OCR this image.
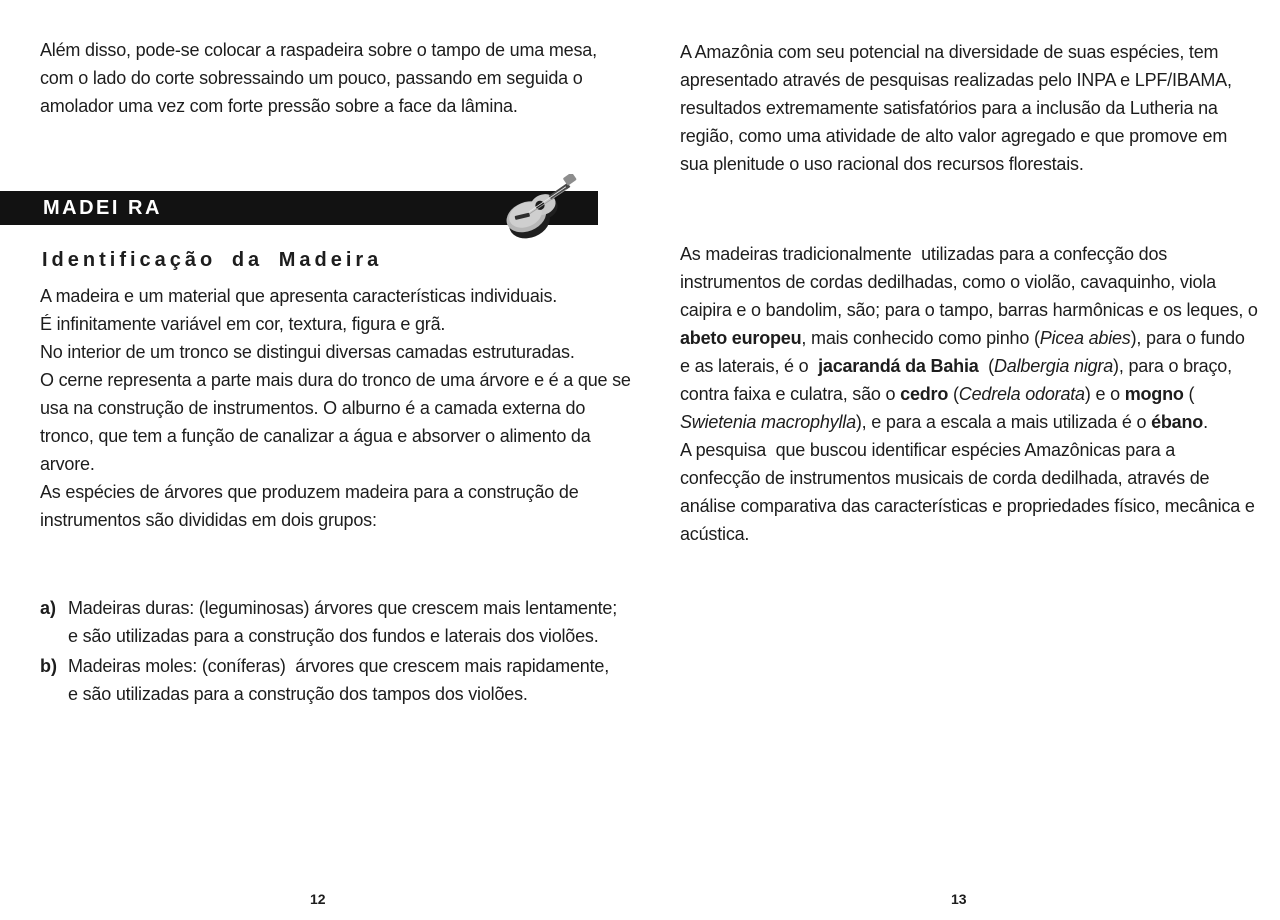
Além disso, pode-se colocar a raspadeira sobre o tampo de uma mesa, com o lado do corte sobressaindo um pouco, passando em seguida o amolador uma vez com forte pressão sobre a face da lâmina.

MADEI RA
Identificação da Madeira

A madeira e um material que apresenta características individuais.

É infinitamente variável em cor, textura, figura e grã.

No interior de um tronco se distingui diversas camadas estruturadas.

O cerne representa a parte mais dura do tronco de uma árvore e é a que se usa na construção de instrumentos. O alburno é a camada externa do tronco, que tem a função de canalizar a água e absorver o alimento da arvore.

As espécies de árvores que produzem madeira para a construção de instrumentos são divididas em dois grupos:

a) Madeiras duras: (leguminosas) árvores que crescem mais lentamente; e são utilizadas para a construção dos fundos e laterais dos violões.
b) Madeiras moles: (coníferas)  árvores que crescem mais rapidamente, e são utilizadas para a construção dos tampos dos violões.
12

A Amazônia com seu potencial na diversidade de suas espécies, tem apresentado através de pesquisas realizadas pelo INPA e LPF/IBAMA,  resultados extremamente satisfatórios para a inclusão da Lutheria na região, como uma atividade de alto valor agregado e que promove em sua plenitude o uso racional dos recursos florestais.

As madeiras tradicionalmente  utilizadas para a confecção dos instrumentos de cordas dedilhadas, como o violão, cavaquinho, viola caipira e o bandolim, são; para o tampo, barras harmônicas e os leques, o abeto europeu, mais conhecido como pinho (Picea abies), para o fundo e as laterais, é o  jacarandá da Bahia  (Dalbergia nigra), para o braço, contra faixa e culatra, são o cedro (Cedrela odorata) e o mogno ( Swietenia macrophylla), e para a escala a mais utilizada é o ébano.

A pesquisa  que buscou identificar espécies Amazônicas para a confecção de instrumentos musicais de corda dedilhada, através de análise comparativa das características e propriedades físico, mecânica e acústica.

13
